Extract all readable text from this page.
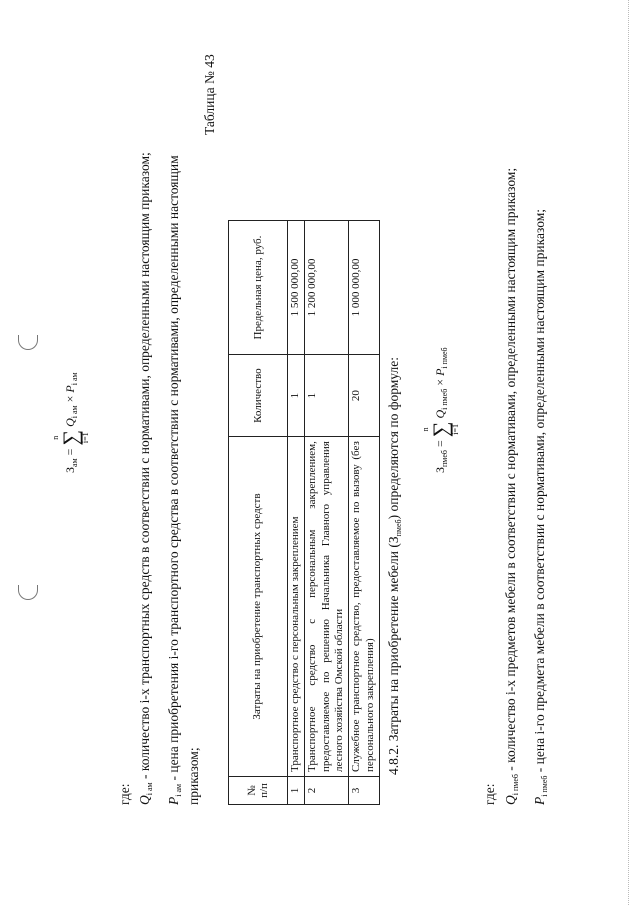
$З_{ам}$ =
n
∑
i=1
$Q_{i ам} \times P_{i ам}$
где: $Q_{i ам}$ - количество i-х транспортных средств в соответствии с нормативами, определенными настоящим приказом;
$P_{i ам}$ - цена приобретения i-го транспортного средства в соответствии с нормативами, определенными настоящим приказом;
Таблица № 43
№ п/п	Затраты на приобретение транспортных средств	Количество	Предельная цена, руб.
1	Транспортное средство с персональным закреплением	1	1 500 000,00
2	Транспортное средство с персональным закреплением, предоставляемое по решению Начальника Главного управления лесного хозяйства Омской области	1	1 200 000,00
3	Служебное транспортное средство, предоставляемое по вызову (без персонального закрепления)	20	1 000 000,00
4.8.2. Затраты на приобретение мебели $(З_{пмеб})$ определяются по формуле:	$З_{пмеб}$ =
n
∑
i=1
$Q_{i пмеб} \times P_{i пмеб}$
где: $Q_{i пмеб}$ - количество i-х предметов мебели в соответствии с нормативами, определенными настоящим приказом;
$P_{i пмеб}$ - цена i-го предмета мебели в соответствии с нормативами, определенными настоящим приказом;
